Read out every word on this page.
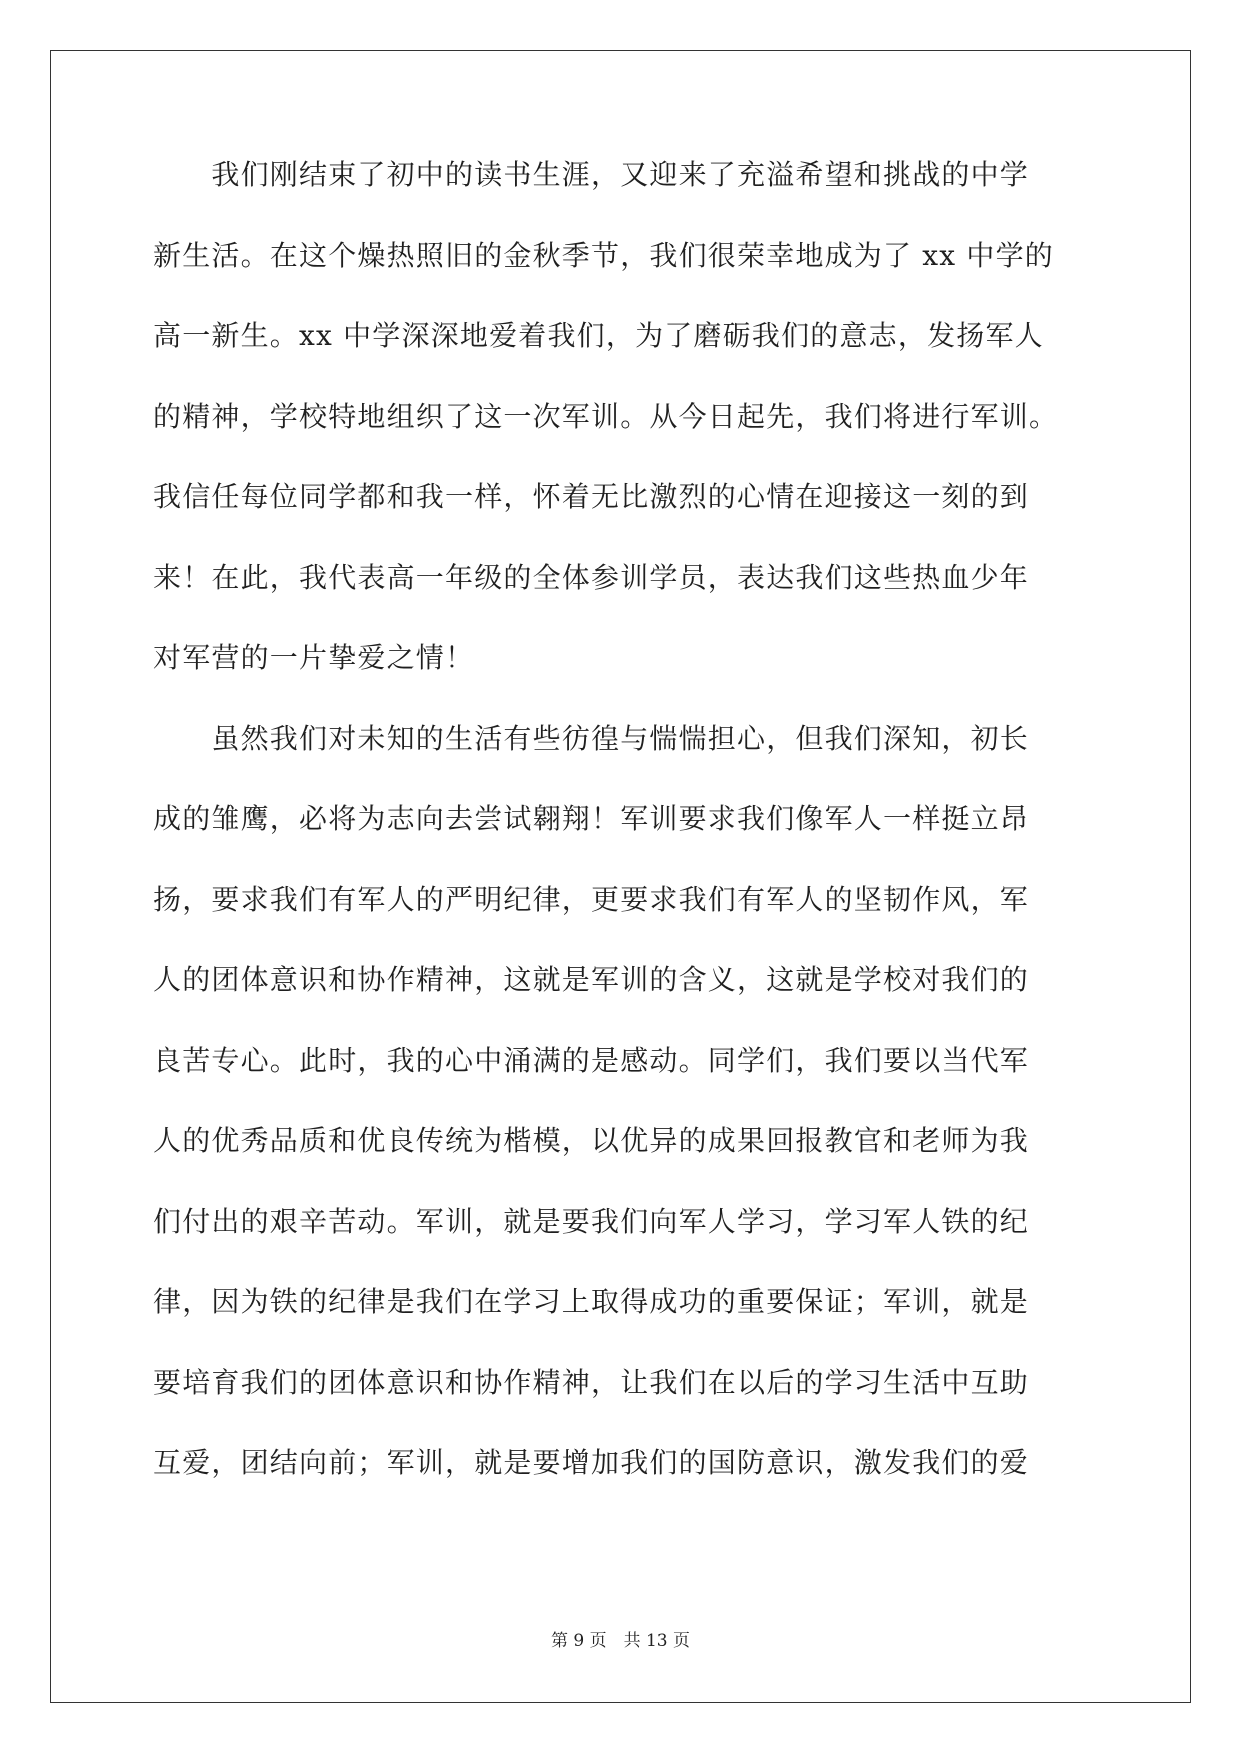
　　我们刚结束了初中的读书生涯，又迎来了充溢希望和挑战的中学
新生活。在这个燥热照旧的金秋季节，我们很荣幸地成为了 xx 中学的
高一新生。xx 中学深深地爱着我们，为了磨砺我们的意志，发扬军人
的精神，学校特地组织了这一次军训。从今日起先，我们将进行军训。
我信任每位同学都和我一样，怀着无比激烈的心情在迎接这一刻的到
来！在此，我代表高一年级的全体参训学员，表达我们这些热血少年
对军营的一片挚爱之情！
　　虽然我们对未知的生活有些彷徨与惴惴担心，但我们深知，初长
成的雏鹰，必将为志向去尝试翱翔！军训要求我们像军人一样挺立昂
扬，要求我们有军人的严明纪律，更要求我们有军人的坚韧作风，军
人的团体意识和协作精神，这就是军训的含义，这就是学校对我们的
良苦专心。此时，我的心中涌满的是感动。同学们，我们要以当代军
人的优秀品质和优良传统为楷模，以优异的成果回报教官和老师为我
们付出的艰辛苦动。军训，就是要我们向军人学习，学习军人铁的纪
律，因为铁的纪律是我们在学习上取得成功的重要保证；军训，就是
要培育我们的团体意识和协作精神，让我们在以后的学习生活中互助
互爱，团结向前；军训，就是要增加我们的国防意识，激发我们的爱
第 9 页　共 13 页
